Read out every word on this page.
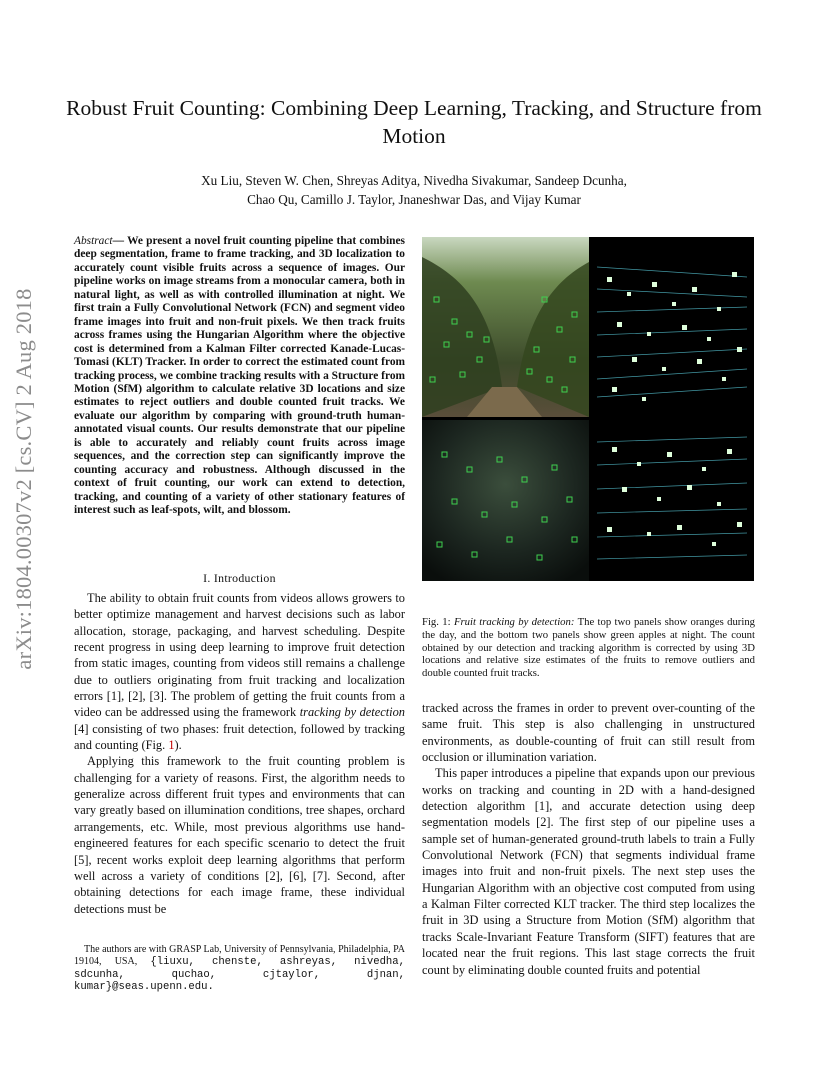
Robust Fruit Counting: Combining Deep Learning, Tracking, and Structure from Motion
Xu Liu, Steven W. Chen, Shreyas Aditya, Nivedha Sivakumar, Sandeep Dcunha,
Chao Qu, Camillo J. Taylor, Jnaneshwar Das, and Vijay Kumar
arXiv:1804.00307v2 [cs.CV] 2 Aug 2018
Abstract— We present a novel fruit counting pipeline that combines deep segmentation, frame to frame tracking, and 3D localization to accurately count visible fruits across a sequence of images. Our pipeline works on image streams from a monocular camera, both in natural light, as well as with controlled illumination at night. We first train a Fully Convolutional Network (FCN) and segment video frame images into fruit and non-fruit pixels. We then track fruits across frames using the Hungarian Algorithm where the objective cost is determined from a Kalman Filter corrected Kanade-Lucas-Tomasi (KLT) Tracker. In order to correct the estimated count from tracking process, we combine tracking results with a Structure from Motion (SfM) algorithm to calculate relative 3D locations and size estimates to reject outliers and double counted fruit tracks. We evaluate our algorithm by comparing with ground-truth human-annotated visual counts. Our results demonstrate that our pipeline is able to accurately and reliably count fruits across image sequences, and the correction step can significantly improve the counting accuracy and robustness. Although discussed in the context of fruit counting, our work can extend to detection, tracking, and counting of a variety of other stationary features of interest such as leaf-spots, wilt, and blossom.
I. Introduction

The ability to obtain fruit counts from videos allows growers to better optimize management and harvest decisions such as labor allocation, storage, packaging, and harvest scheduling. Despite recent progress in using deep learning to improve fruit detection from static images, counting from videos still remains a challenge due to outliers originating from fruit tracking and localization errors [1], [2], [3]. The problem of getting the fruit counts from a video can be addressed using the framework tracking by detection [4] consisting of two phases: fruit detection, followed by tracking and counting (Fig. 1).

Applying this framework to the fruit counting problem is challenging for a variety of reasons. First, the algorithm needs to generalize across different fruit types and environments that can vary greatly based on illumination conditions, tree shapes, orchard arrangements, etc. While, most previous algorithms use hand-engineered features for each specific scenario to detect the fruit [5], recent works exploit deep learning algorithms that perform well across a variety of conditions [2], [6], [7]. Second, after obtaining detections for each image frame, these individual detections must be

The authors are with GRASP Lab, University of Pennsylvania, Philadelphia, PA 19104, USA, {liuxu, chenste, ashreyas, nivedha, sdcunha, quchao, cjtaylor, djnan, kumar}@seas.upenn.edu.
Fig. 1: Fruit tracking by detection: The top two panels show oranges during the day, and the bottom two panels show green apples at night. The count obtained by our detection and tracking algorithm is corrected by using 3D locations and relative size estimates of the fruits to remove outliers and double counted fruit tracks.

tracked across the frames in order to prevent over-counting of the same fruit. This step is also challenging in unstructured environments, as double-counting of fruit can still result from occlusion or illumination variation.

This paper introduces a pipeline that expands upon our previous works on tracking and counting in 2D with a hand-designed detection algorithm [1], and accurate detection using deep segmentation models [2]. The first step of our pipeline uses a sample set of human-generated ground-truth labels to train a Fully Convolutional Network (FCN) that segments individual frame images into fruit and non-fruit pixels. The next step uses the Hungarian Algorithm with an objective cost computed from using a Kalman Filter corrected KLT tracker. The third step localizes the fruit in 3D using a Structure from Motion (SfM) algorithm that tracks Scale-Invariant Feature Transform (SIFT) features that are located near the fruit regions. This last stage corrects the fruit count by eliminating double counted fruits and potential
